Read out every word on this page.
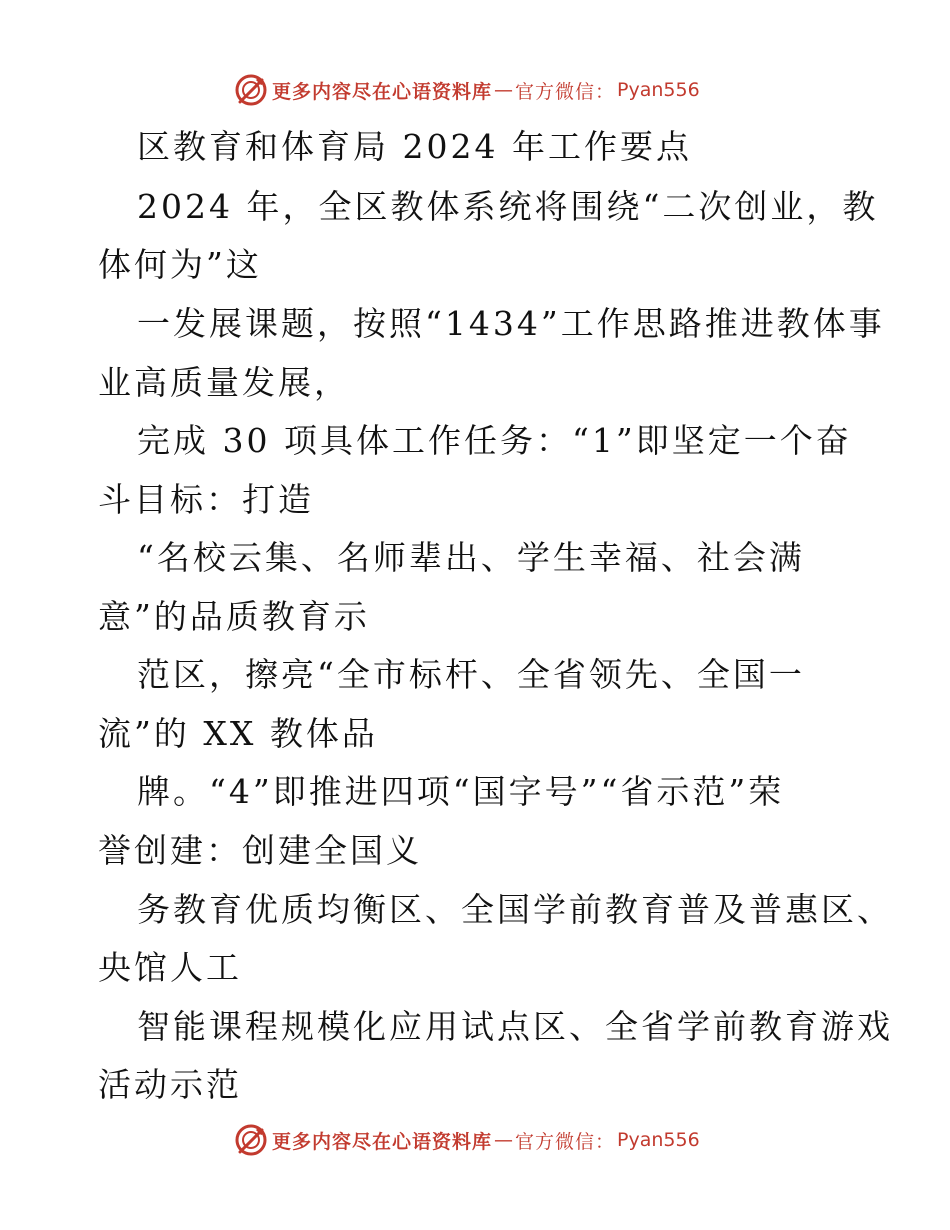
更多内容尽在心语资料库 — 官方微信： Pyan556
区教育和体育局 2024 年工作要点
2024 年，全区教体系统将围绕“二次创业，教
体何为”这
一发展课题，按照“1434”工作思路推进教体事
业高质量发展，
完成 30 项具体工作任务：“1”即坚定一个奋
斗目标：打造
“名校云集、名师辈出、学生幸福、社会满
意”的品质教育示
范区，擦亮“全市标杆、全省领先、全国一
流”的 XX 教体品
牌。“4”即推进四项“国字号”“省示范”荣
誉创建：创建全国义
务教育优质均衡区、全国学前教育普及普惠区、
央馆人工
智能课程规模化应用试点区、全省学前教育游戏
活动示范
更多内容尽在心语资料库 — 官方微信： Pyan556
